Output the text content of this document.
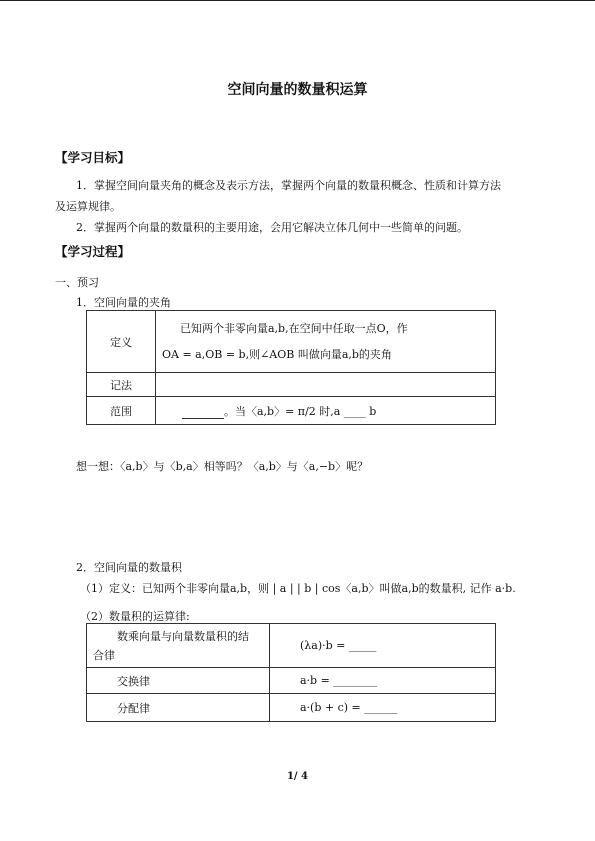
空间向量的数量积运算
【学习目标】
1．掌握空间向量夹角的概念及表示方法，掌握两个向量的数量积概念、性质和计算方法
及运算规律。
2．掌握两个向量的数量积的主要用途，会用它解决立体几何中一些简单的问题。
【学习过程】
一、预习
1．空间向量的夹角
定义	已知两个非零向量a,b,在空间中任取一点O，作
OA = a,OB = b,则∠AOB 叫做向量a,b的夹角

记法	
范围	。当〈a,b〉= π/2 时,a ____ b
想一想：〈a,b〉与〈b,a〉相等吗？〈a,b〉与〈a,−b〉呢？
2．空间向量的数量积
（1）定义：已知两个非零向量a,b，则 | a | | b | cos〈a,b〉叫做a,b的数量积, 记作 a·b.
（2）数量积的运算律:
数乘向量与向量数量积的结
合律	(λa)·b = _____
交换律	a·b = ________
分配律	a·(b + c) = ______
1/ 4
